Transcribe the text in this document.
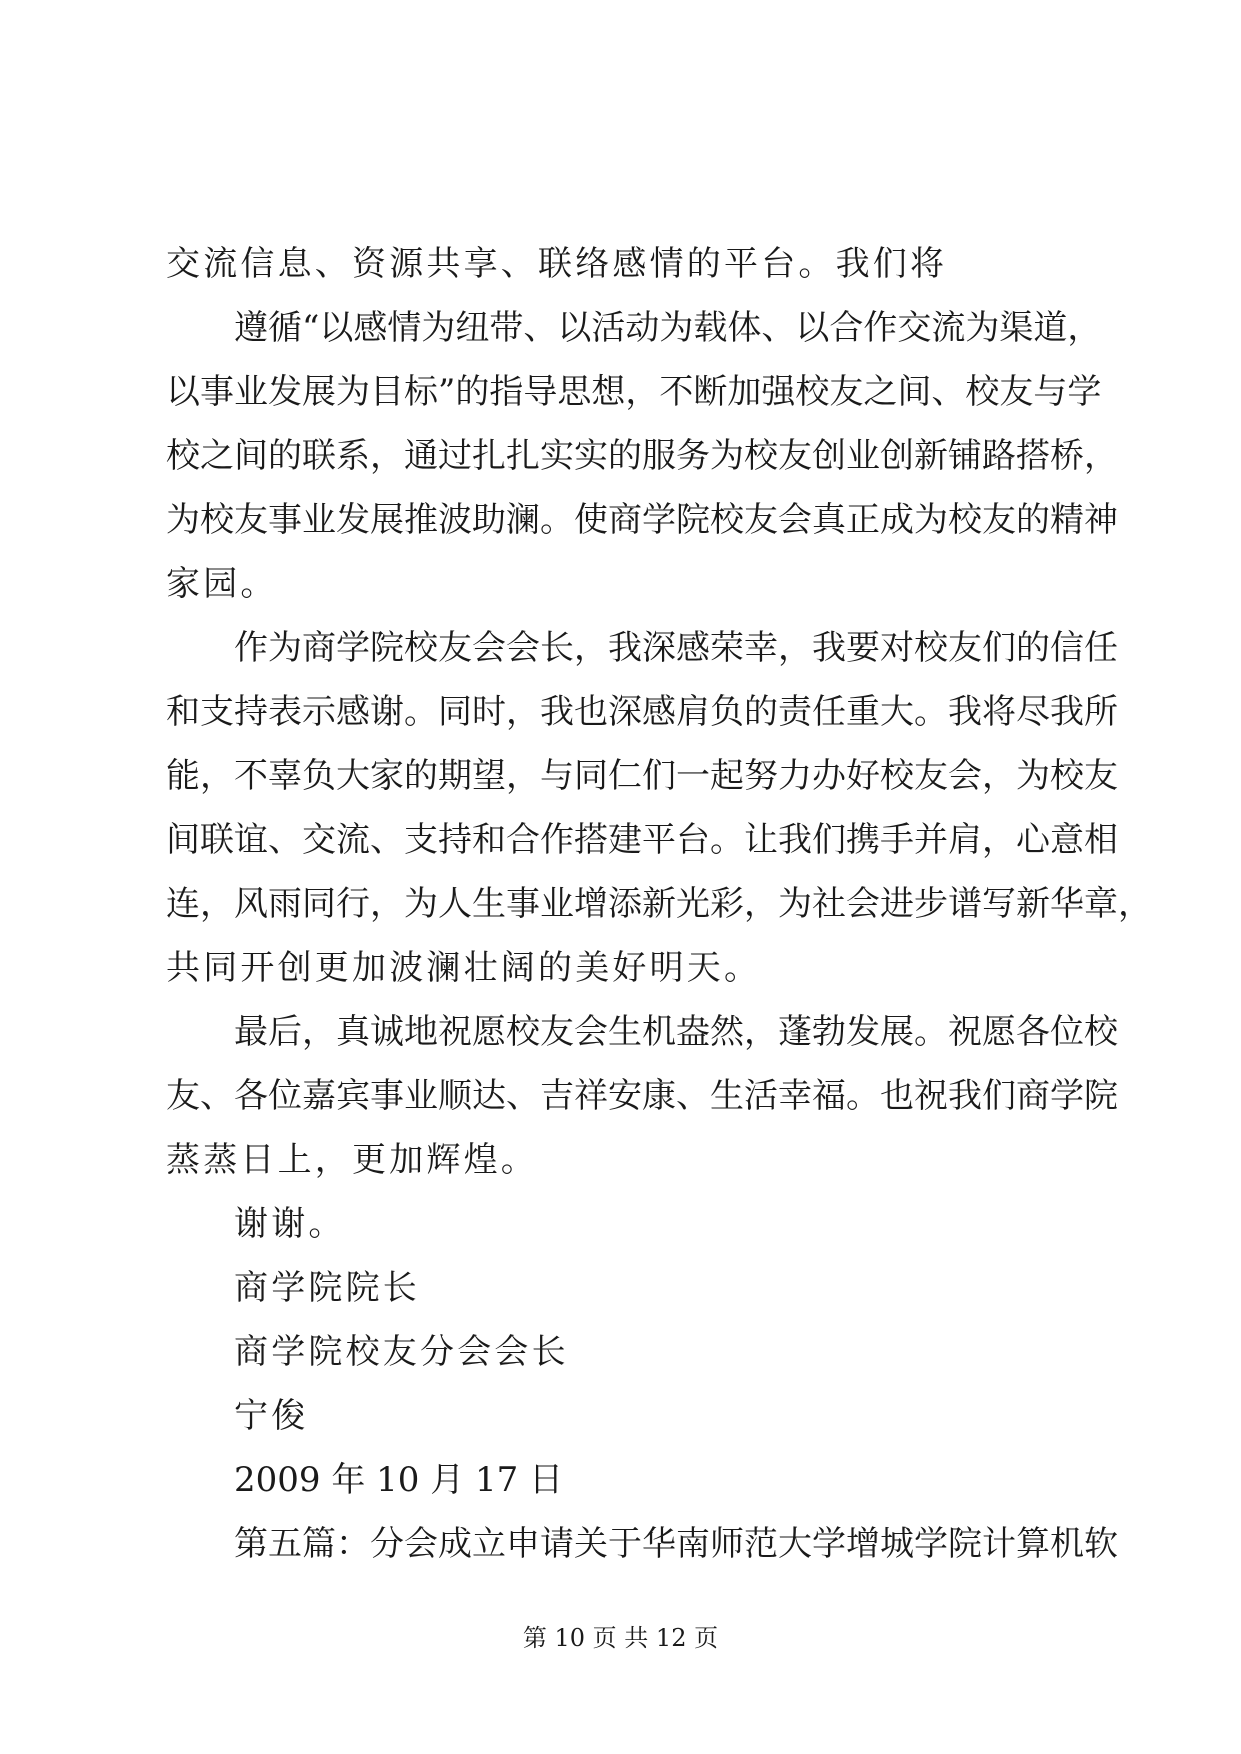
交流信息、资源共享、联络感情的平台。我们将
遵循“以感情为纽带、以活动为载体、以合作交流为渠道，
以事业发展为目标”的指导思想，不断加强校友之间、校友与学
校之间的联系，通过扎扎实实的服务为校友创业创新铺路搭桥，
为校友事业发展推波助澜。使商学院校友会真正成为校友的精神
家园。
作为商学院校友会会长，我深感荣幸，我要对校友们的信任
和支持表示感谢。同时，我也深感肩负的责任重大。我将尽我所
能，不辜负大家的期望，与同仁们一起努力办好校友会，为校友
间联谊、交流、支持和合作搭建平台。让我们携手并肩，心意相
连，风雨同行，为人生事业增添新光彩，为社会进步谱写新华章，
共同开创更加波澜壮阔的美好明天。
最后，真诚地祝愿校友会生机盎然，蓬勃发展。祝愿各位校
友、各位嘉宾事业顺达、吉祥安康、生活幸福。也祝我们商学院
蒸蒸日上，更加辉煌。
谢谢。
商学院院长
商学院校友分会会长
宁俊
2009 年 10 月 17 日
第五篇：分会成立申请关于华南师范大学增城学院计算机软
第 10 页 共 12 页
